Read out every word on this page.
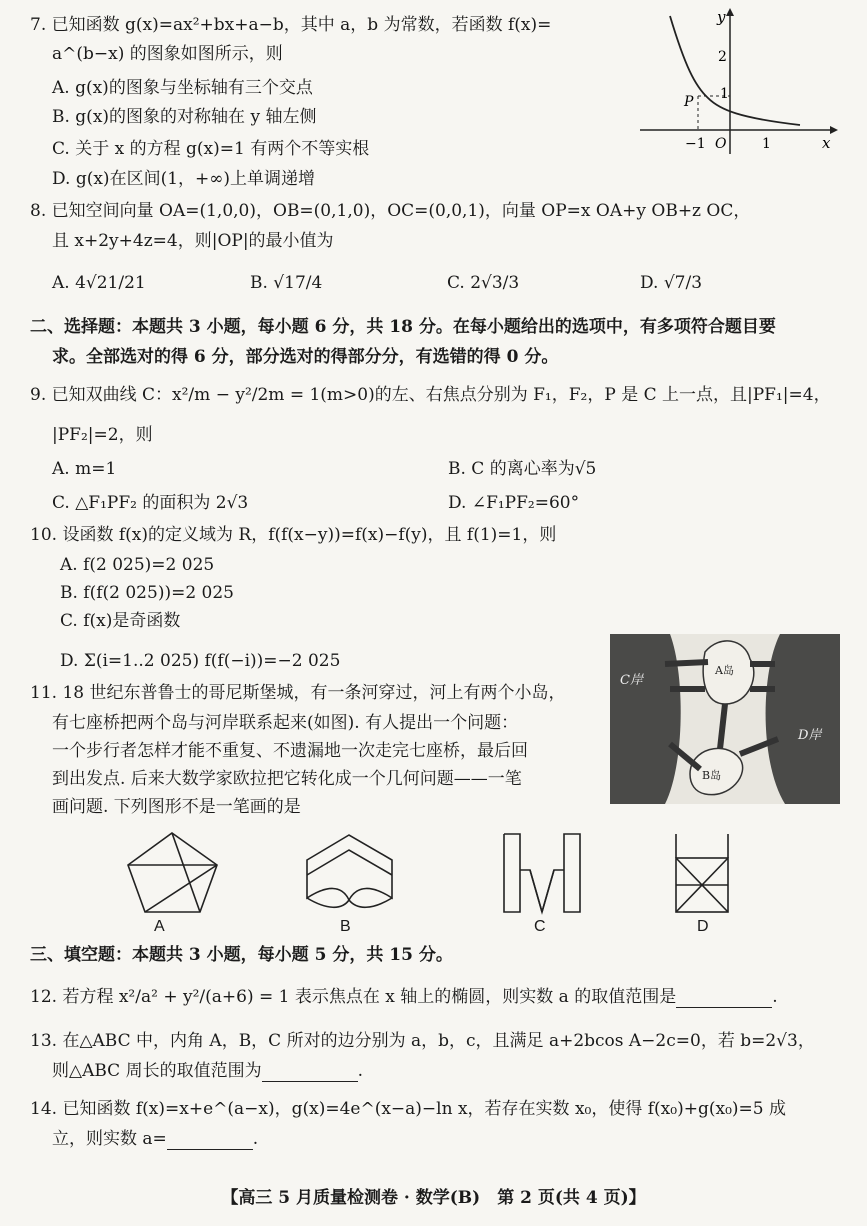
7. 已知函数 g(x)=ax²+bx+a−b，其中 a，b 为常数，若函数 f(x)=
a^(b−x) 的图象如图所示，则
A. g(x)的图象与坐标轴有三个交点
B. g(x)的图象的对称轴在 y 轴左侧
C. 关于 x 的方程 g(x)=1 有两个不等实根
D. g(x)在区间(1，+∞)上单调递增
y
2
1
P
−1 O	1	x
8. 已知空间向量 OA=(1,0,0)，OB=(0,1,0)，OC=(0,0,1)，向量 OP=x OA+y OB+z OC，
且 x+2y+4z=4，则|OP|的最小值为
A. 4√21/21	B. √17/4	C. 2√3/3	D. √7/3
二、选择题：本题共 3 小题，每小题 6 分，共 18 分。在每小题给出的选项中，有多项符合题目要
求。全部选对的得 6 分，部分选对的得部分分，有选错的得 0 分。
9. 已知双曲线 C：x²/m − y²/2m = 1(m>0)的左、右焦点分别为 F₁，F₂，P 是 C 上一点，且|PF₁|=4，
|PF₂|=2，则
A. m=1	B. C 的离心率为√5
C. △F₁PF₂ 的面积为 2√3	D. ∠F₁PF₂=60°
10. 设函数 f(x)的定义域为 R，f(f(x−y))=f(x)−f(y)，且 f(1)=1，则
A. f(2 025)=2 025
B. f(f(2 025))=2 025
C. f(x)是奇函数
D. Σ(i=1..2 025) f(f(−i))=−2 025
11. 18 世纪东普鲁士的哥尼斯堡城，有一条河穿过，河上有两个小岛，
有七座桥把两个岛与河岸联系起来(如图). 有人提出一个问题：
一个步行者怎样才能不重复、不遗漏地一次走完七座桥，最后回
到出发点. 后来大数学家欧拉把它转化成一个几何问题——一笔
画问题. 下列图形不是一笔画的是
C岸
D岸
A岛
B岛
A	B	C	D
三、填空题：本题共 3 小题，每小题 5 分，共 15 分。
12. 若方程 x²/a² + y²/(a+6) = 1 表示焦点在 x 轴上的椭圆，则实数 a 的取值范围是	.
13. 在△ABC 中，内角 A，B，C 所对的边分别为 a，b，c，且满足 a+2bcos A−2c=0，若 b=2√3，
则△ABC 周长的取值范围为	.
14. 已知函数 f(x)=x+e^(a−x)，g(x)=4e^(x−a)−ln x，若存在实数 x₀，使得 f(x₀)+g(x₀)=5 成
立，则实数 a=	.
【高三 5 月质量检测卷 · 数学(B)　第 2 页(共 4 页)】
